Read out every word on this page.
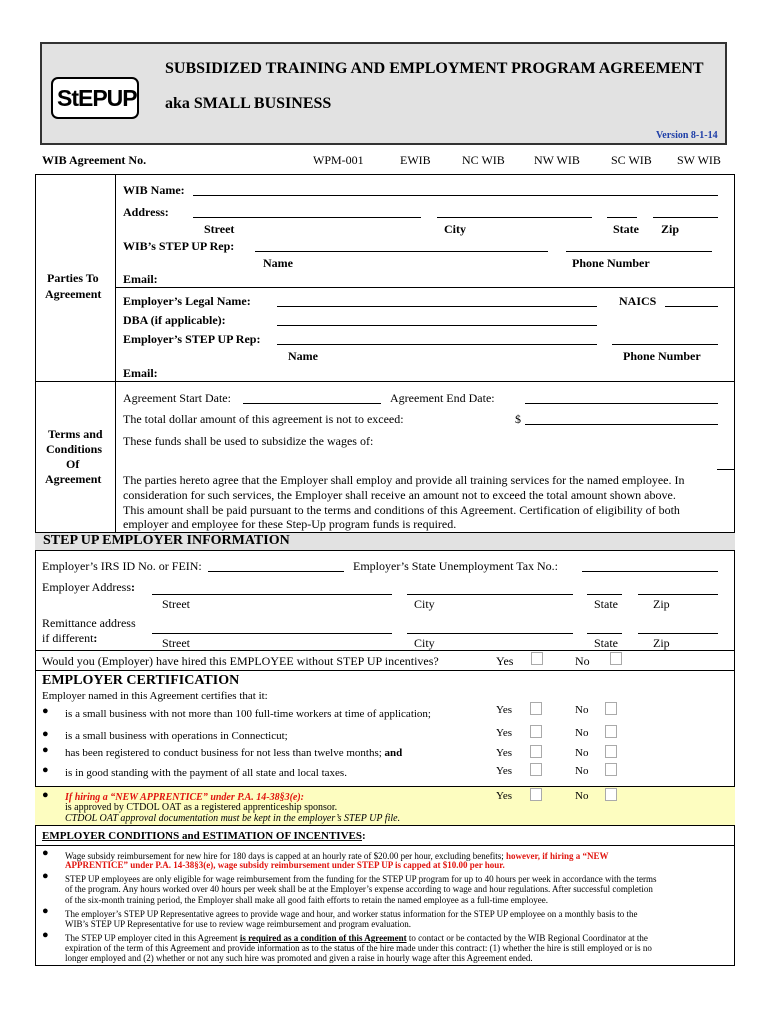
StEPUP
SUBSIDIZED TRAINING AND EMPLOYMENT PROGRAM AGREEMENT
aka SMALL BUSINESS
Version 8-1-14
WIB Agreement No.	WPM-001	EWIB	NC WIB NW WIB	SC WIB SW WIB
Parties To
Agreement
WIB Name:
Address:
Street	City	State Zip
WIB’s STEP UP Rep:
Name	Phone Number
Email:
Employer’s Legal Name:	NAICS
DBA (if applicable):
Employer’s STEP UP Rep:
Name	Phone Number
Email:
Terms and
Conditions
Of
Agreement
Agreement Start Date:	Agreement End Date:
The total dollar amount of this agreement is not to exceed:	$
These funds shall be used to subsidize the wages of:
The parties hereto agree that the Employer shall employ and provide all training services for the named employee. In
consideration for such services, the Employer shall receive an amount not to exceed the total amount shown above.
This amount shall be paid pursuant to the terms and conditions of this Agreement. Certification of eligibility of both
employer and employee for these Step-Up program funds is required.
STEP UP EMPLOYER INFORMATION
Employer’s IRS ID No. or FEIN:	Employer’s State Unemployment Tax No.:
Employer Address:
Street	City	State	Zip
Remittance address
if different:	Street	City	State	Zip
Would you (Employer) have hired this EMPLOYEE without STEP UP incentives?	Yes	No
EMPLOYER CERTIFICATION
Employer named in this Agreement certifies that it:
● is a small business with not more than 100 full-time workers at time of application;	Yes	No
● is a small business with operations in Connecticut;	Yes	No
● has been registered to conduct business for not less than twelve months; and	Yes	No
● is in good standing with the payment of all state and local taxes.	Yes	No
● If hiring a “NEW APPRENTICE” under P.A. 14-38§3(e):
is approved by CTDOL OAT as a registered apprenticeship sponsor.
CTDOL OAT approval documentation must be kept in the employer’s STEP UP file.
Yes	No
EMPLOYER CONDITIONS and ESTIMATION OF INCENTIVES:
● Wage subsidy reimbursement for new hire for 180 days is capped at an hourly rate of $20.00 per hour, excluding benefits; however, if hiring a “NEW
APPRENTICE” under P.A. 14-38§3(e), wage subsidy reimbursement under STEP UP is capped at $10.00 per hour.
● STEP UP employees are only eligible for wage reimbursement from the funding for the STEP UP program for up to 40 hours per week in accordance with the terms
of the program. Any hours worked over 40 hours per week shall be at the Employer’s expense according to wage and hour regulations. After successful completion
of the six-month training period, the Employer shall make all good faith efforts to retain the named employee as a full-time employee.
● The employer’s STEP UP Representative agrees to provide wage and hour, and worker status information for the STEP UP employee on a monthly basis to the
WIB’s STEP UP Representative for use to review wage reimbursement and program evaluation.
● The STEP UP employer cited in this Agreement is required as a condition of this Agreement to contact or be contacted by the WIB Regional Coordinator at the
expiration of the term of this Agreement and provide information as to the status of the hire made under this contract: (1) whether the hire is still employed or is no
longer employed and (2) whether or not any such hire was promoted and given a raise in hourly wage after this Agreement ended.
